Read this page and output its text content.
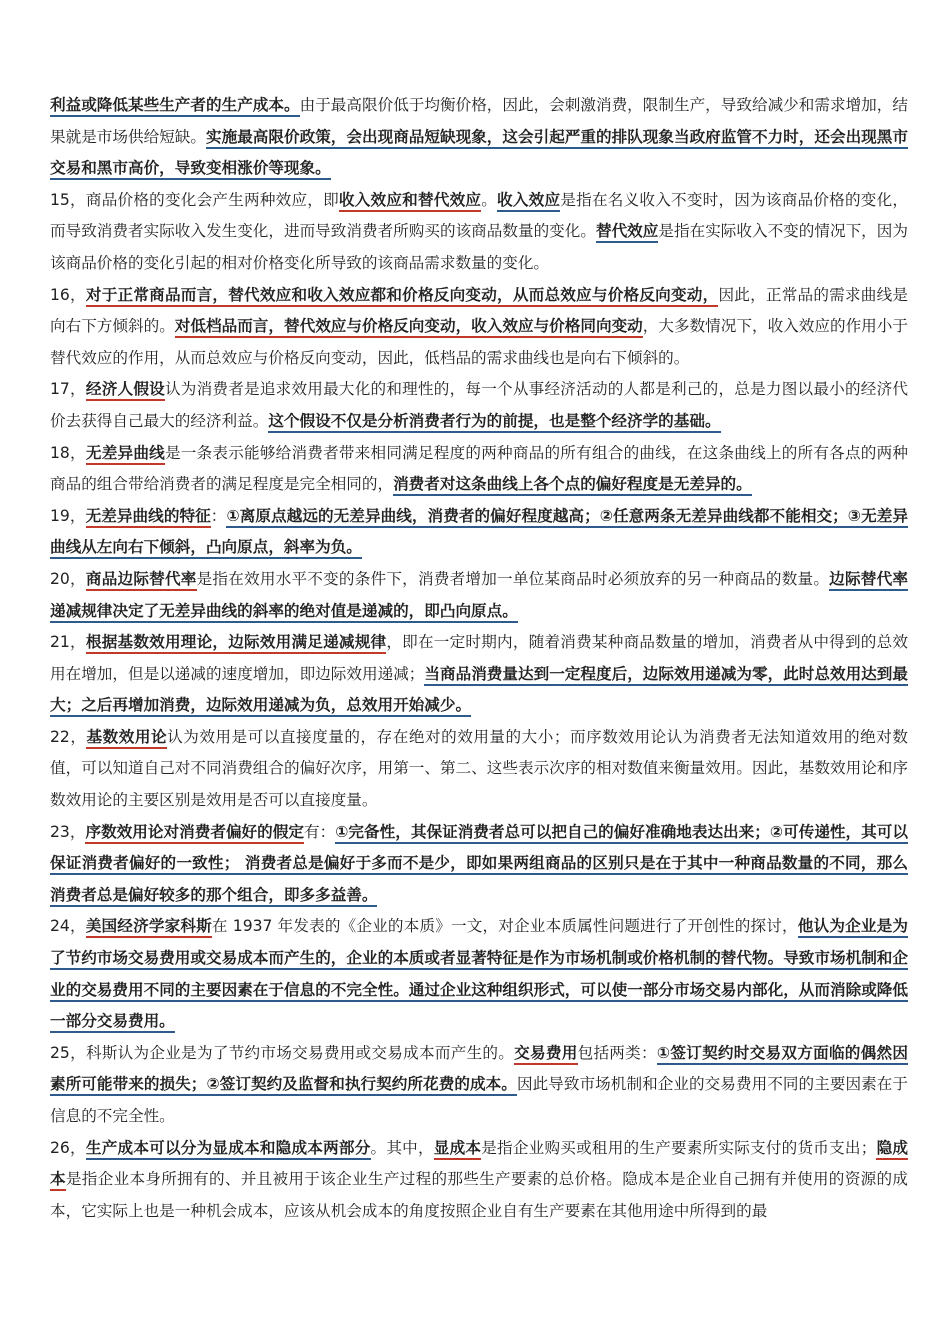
利益或降低某些生产者的生产成本。由于最高限价低于均衡价格，因此，会刺激消费，限制生产，导致给减少和需求增加，结果就是市场供给短缺。实施最高限价政策，会出现商品短缺现象，这会引起严重的排队现象当政府监管不力时，还会出现黑市交易和黑市高价，导致变相涨价等现象。

15，商品价格的变化会产生两种效应，即收入效应和替代效应。收入效应是指在名义收入不变时，因为该商品价格的变化，而导致消费者实际收入发生变化，进而导致消费者所购买的该商品数量的变化。替代效应是指在实际收入不变的情况下，因为该商品价格的变化引起的相对价格变化所导致的该商品需求数量的变化。

16，对于正常商品而言，替代效应和收入效应都和价格反向变动，从而总效应与价格反向变动，因此，正常品的需求曲线是向右下方倾斜的。对低档品而言，替代效应与价格反向变动，收入效应与价格同向变动，大多数情况下，收入效应的作用小于替代效应的作用，从而总效应与价格反向变动，因此，低档品的需求曲线也是向右下倾斜的。

17，经济人假设认为消费者是追求效用最大化的和理性的，每一个从事经济活动的人都是利己的，总是力图以最小的经济代价去获得自己最大的经济利益。这个假设不仅是分析消费者行为的前提，也是整个经济学的基础。

18，无差异曲线是一条表示能够给消费者带来相同满足程度的两种商品的所有组合的曲线，在这条曲线上的所有各点的两种商品的组合带给消费者的满足程度是完全相同的，消费者对这条曲线上各个点的偏好程度是无差异的。

19，无差异曲线的特征：①离原点越远的无差异曲线，消费者的偏好程度越高；②任意两条无差异曲线都不能相交；③无差异曲线从左向右下倾斜，凸向原点，斜率为负。

20，商品边际替代率是指在效用水平不变的条件下，消费者增加一单位某商品时必须放弃的另一种商品的数量。边际替代率递减规律决定了无差异曲线的斜率的绝对值是递减的，即凸向原点。

21，根据基数效用理论，边际效用满足递减规律，即在一定时期内，随着消费某种商品数量的增加，消费者从中得到的总效用在增加，但是以递减的速度增加，即边际效用递减；当商品消费量达到一定程度后，边际效用递减为零，此时总效用达到最大；之后再增加消费，边际效用递减为负，总效用开始减少。

22，基数效用论认为效用是可以直接度量的，存在绝对的效用量的大小；而序数效用论认为消费者无法知道效用的绝对数值，可以知道自己对不同消费组合的偏好次序，用第一、第二、这些表示次序的相对数值来衡量效用。因此，基数效用论和序数效用论的主要区别是效用是否可以直接度量。

23，序数效用论对消费者偏好的假定有：①完备性，其保证消费者总可以把自己的偏好准确地表达出来；②可传递性，其可以保证消费者偏好的一致性； 消费者总是偏好于多而不是少，即如果两组商品的区别只是在于其中一种商品数量的不同，那么消费者总是偏好较多的那个组合，即多多益善。

24，美国经济学家科斯在 1937 年发表的《企业的本质》一文，对企业本质属性问题进行了开创性的探讨，他认为企业是为了节约市场交易费用或交易成本而产生的，企业的本质或者显著特征是作为市场机制或价格机制的替代物。导致市场机制和企业的交易费用不同的主要因素在于信息的不完全性。通过企业这种组织形式，可以使一部分市场交易内部化，从而消除或降低一部分交易费用。

25，科斯认为企业是为了节约市场交易费用或交易成本而产生的。交易费用包括两类：①签订契约时交易双方面临的偶然因素所可能带来的损失；②签订契约及监督和执行契约所花费的成本。因此导致市场机制和企业的交易费用不同的主要因素在于信息的不完全性。

26，生产成本可以分为显成本和隐成本两部分。其中，显成本是指企业购买或租用的生产要素所实际支付的货币支出；隐成本是指企业本身所拥有的、并且被用于该企业生产过程的那些生产要素的总价格。隐成本是企业自己拥有并使用的资源的成本，它实际上也是一种机会成本，应该从机会成本的角度按照企业自有生产要素在其他用途中所得到的最
